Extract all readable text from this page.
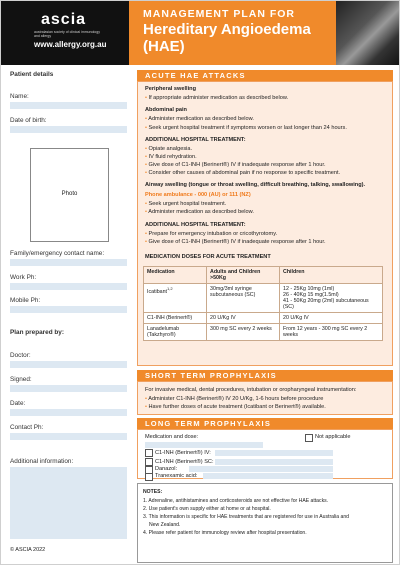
ascia
australasian society of clinical immunology and allergy
www.allergy.org.au
MANAGEMENT PLAN FOR
Hereditary Angioedema (HAE)
Patient details
Name:
Date of birth:
Photo
Family/emergency contact name:
Work Ph:
Mobile Ph:
Plan prepared by:
Doctor:
Signed:
Date:
Contact Ph:
Additional information:
© ASCIA 2022
ACUTE HAE ATTACKS
Peripheral swelling
• If appropriate administer medication as described below.
Abdominal pain
• Administer medication as described below.
• Seek urgent hospital treatment if symptoms worsen or last longer than 24 hours.
ADDITIONAL HOSPITAL TREATMENT:
• Opiate analgesia.
• IV fluid rehydration.
• Give dose of C1-INH (Berinert®) IV if inadequate response after 1 hour.
• Consider other causes of abdominal pain if no response to specific treatment.
Airway swelling (tongue or throat swelling, difficult breathing, talking, swallowing).
Phone ambulance - 000 (AU) or 111 (NZ)
• Seek urgent hospital treatment.
• Administer medication as described below.
ADDITIONAL HOSPITAL TREATMENT:
• Prepare for emergency intubation or cricothyrotomy.
• Give dose of C1-INH (Berinert®) IV if inadequate response after 1 hour.
MEDICATION DOSES FOR ACUTE TREATMENT
Medication	Adults and Children >50Kg	Children
Icatibant$^{1,2}$	30mg/3ml syringe subcutaneous (SC)	12 - 25Kg 10mg (1ml)
26 - 40Kg 15 mg(1.5ml)
41 - 50Kg 20mg (2ml) subcutaneous (SC)
C1-INH (Berinert®)	20 U/Kg IV	20 U/Kg IV
Lanadelumab (Takzhyro®)	300 mg SC every 2 weeks	From 12 years - 300 mg SC every 2 weeks
SHORT TERM PROPHYLAXIS
For invasive medical, dental procedures, intubation or oropharyngeal instrumentation:
• Administer C1-INH (Berinert®) IV 20 U/Kg, 1-6 hours before procedure
• Have further doses of acute treatment (Icatibant or Berinert®) available.
LONG TERM PROPHYLAXIS
Medication and dose:	Not applicable
C1-INH (Berinert®) IV:
C1-INH (Berinert®) SC:
Danazol:
NOTES:
1. Adrenaline, antihistamines and corticosteroids are not effective for HAE attacks.
2. Use patient's own supply either at home or at hospital.
3. This information is specific for HAE treatments that are registered for use in Australia and
New Zealand.
4. Please refer patient for immunology review after hospital presentation.
Tranexamic acid:
